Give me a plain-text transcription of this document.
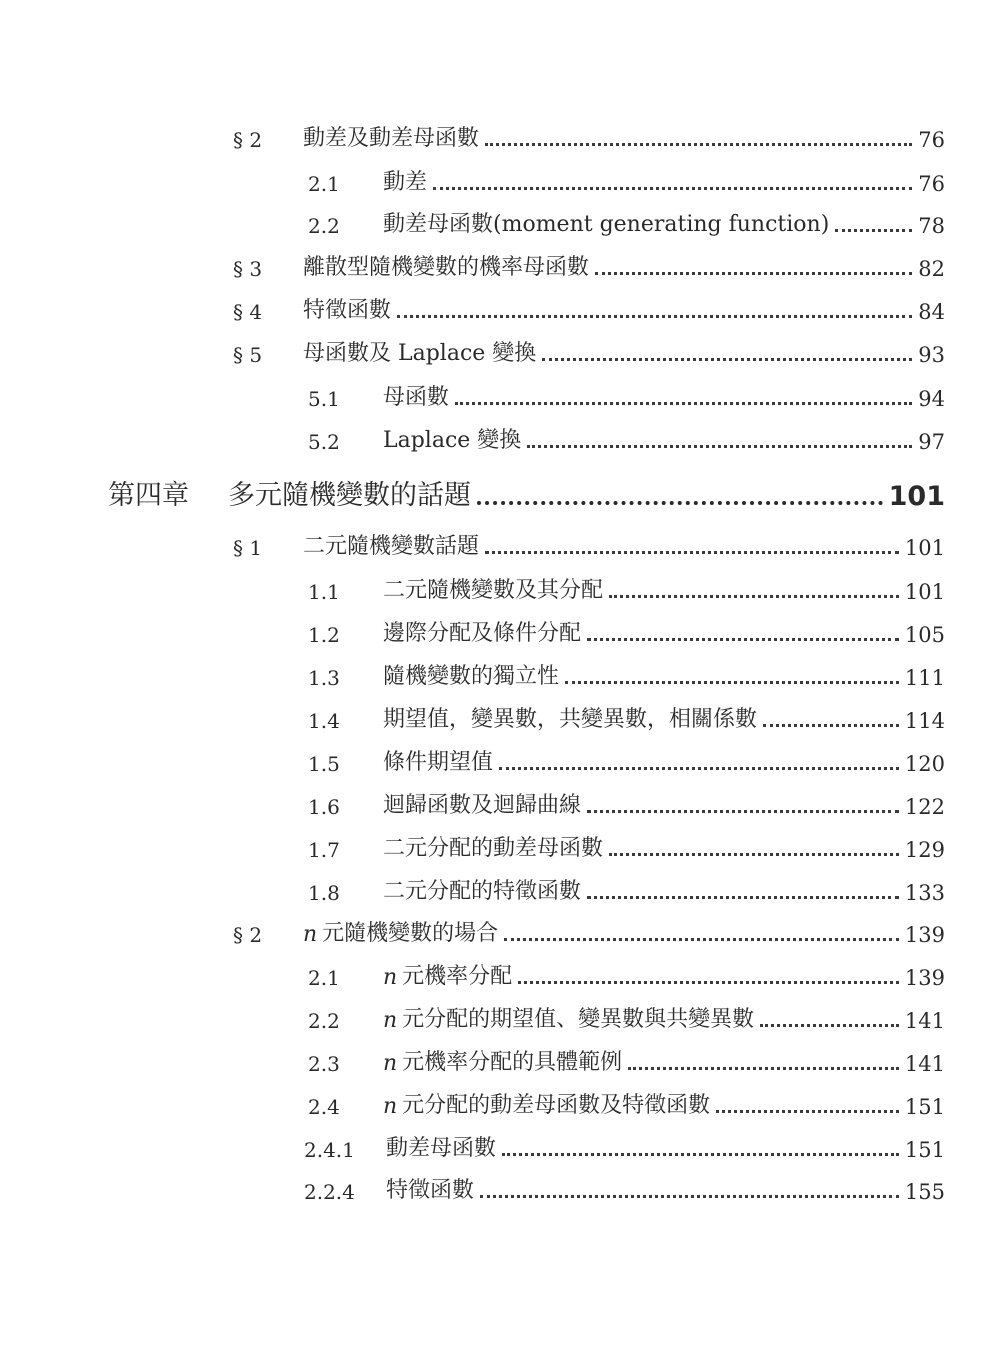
§ 2 動差及動差母函數	76
2.1 動差	76
2.2 動差母函數(moment generating function)	78
§ 3 離散型隨機變數的機率母函數	82
§ 4 特徵函數	84
§ 5 母函數及 Laplace 變換	93
5.1 母函數	94
5.2 Laplace 變換	97
第四章 多元隨機變數的話題	101
§ 1 二元隨機變數話題	101
1.1 二元隨機變數及其分配	101
1.2 邊際分配及條件分配	105
1.3 隨機變數的獨立性	111
1.4 期望值，變異數，共變異數，相關係數	114
1.5 條件期望值	120
1.6 迴歸函數及迴歸曲線	122
1.7 二元分配的動差母函數	129
1.8 二元分配的特徵函數	133
§ 2 n 元隨機變數的場合	139
2.1 n 元機率分配	139
2.2 n 元分配的期望值、變異數與共變異數	141
2.3 n 元機率分配的具體範例	141
2.4 n 元分配的動差母函數及特徵函數	151
2.4.1 動差母函數	151
2.2.4 特徵函數	155
